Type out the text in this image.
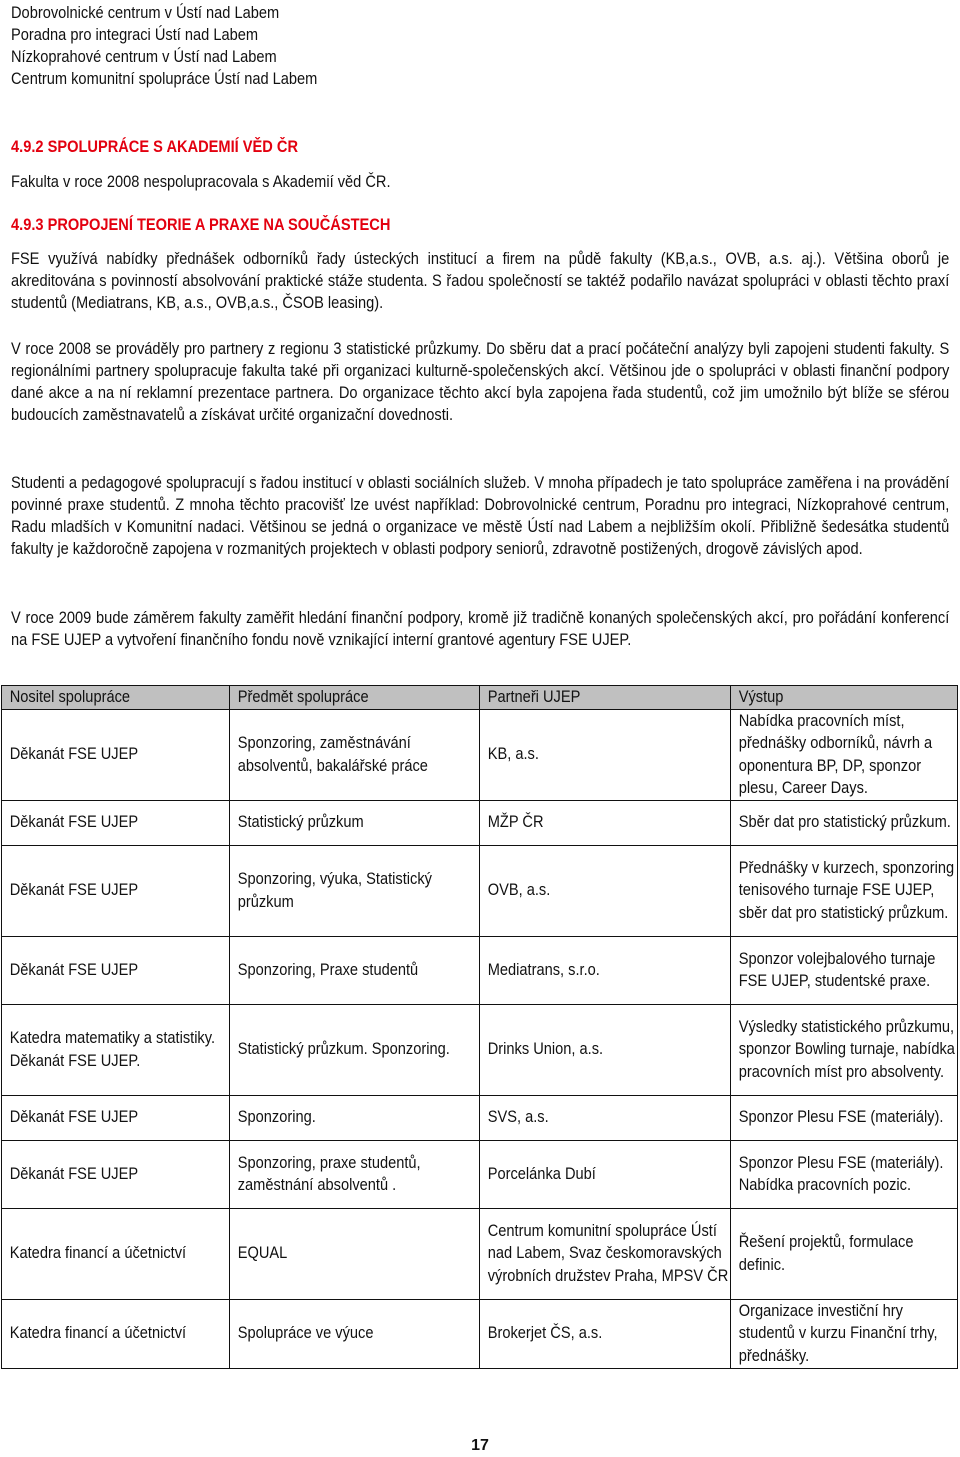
Dobrovolnické centrum v Ústí nad Labem
Poradna pro integraci Ústí nad Labem
Nízkoprahové centrum v Ústí nad Labem
Centrum komunitní spolupráce Ústí nad Labem
4.9.2 SPOLUPRÁCE S AKADEMIÍ VĚD ČR
Fakulta v roce 2008 nespolupracovala s Akademií věd ČR.
4.9.3 PROPOJENÍ TEORIE A PRAXE NA SOUČÁSTECH
FSE využívá nabídky přednášek odborníků řady ústeckých institucí a firem na půdě fakulty (KB,a.s., OVB, a.s. aj.). Většina oborů je akreditována s povinností absolvování praktické stáže studenta. S řadou společností se taktéž podařilo navázat spolupráci v oblasti těchto praxí studentů (Mediatrans, KB, a.s., OVB,a.s., ČSOB leasing).
V roce 2008 se prováděly pro partnery z regionu 3 statistické průzkumy. Do sběru dat a prací počáteční analýzy byli zapojeni studenti fakulty. S regionálními partnery spolupracuje fakulta také při organizaci kulturně-společenských akcí. Většinou jde o spolupráci v oblasti finanční podpory dané akce a na ní reklamní prezentace partnera. Do organizace těchto akcí byla zapojena řada studentů, což jim umožnilo být blíže se sférou budoucích zaměstnavatelů a získávat určité organizační dovednosti.
Studenti a pedagogové spolupracují s řadou institucí v oblasti sociálních služeb. V mnoha případech je tato spolupráce zaměřena i na provádění povinné praxe studentů. Z mnoha těchto pracovišť lze uvést například: Dobrovolnické centrum, Poradnu pro integraci, Nízkoprahové centrum, Radu mladších v Komunitní nadaci. Většinou se jedná o organizace ve městě Ústí nad Labem a nejbližším okolí. Přibližně šedesátka studentů fakulty je každoročně zapojena v rozmanitých projektech v oblasti podpory seniorů, zdravotně postižených, drogově závislých apod.
V roce 2009 bude záměrem fakulty zaměřit hledání finanční podpory, kromě již tradičně konaných společenských akcí, pro pořádání konferencí na FSE UJEP a vytvoření finančního fondu nově vznikající interní grantové agentury FSE UJEP.
Nositel spolupráce	Předmět spolupráce	Partneři UJEP	Výstup

Děkanát FSE UJEP	Sponzoring, zaměstnávání absolventů, bakalářské práce	KB, a.s.	Nabídka pracovních míst, přednášky odborníků, návrh a oponentura BP, DP, sponzor plesu, Career Days.

Děkanát FSE UJEP	Statistický průzkum	MŽP ČR	Sběr dat pro statistický průzkum.

Děkanát FSE UJEP	Sponzoring, výuka, Statistický průzkum	OVB, a.s.	Přednášky v kurzech, sponzoring tenisového turnaje FSE UJEP, sběr dat pro statistický průzkum.

Děkanát FSE UJEP	Sponzoring, Praxe studentů	Mediatrans, s.r.o.	Sponzor volejbalového turnaje FSE UJEP, studentské praxe.

Katedra matematiky a statistiky. Děkanát FSE UJEP.	Statistický průzkum. Sponzoring.	Drinks Union, a.s.	Výsledky statistického průzkumu, sponzor Bowling turnaje, nabídka pracovních míst pro absolventy.

Děkanát FSE UJEP	Sponzoring.	SVS, a.s.	Sponzor Plesu FSE (materiály).

Děkanát FSE UJEP	Sponzoring, praxe studentů, zaměstnání absolventů .	Porcelánka Dubí	Sponzor Plesu FSE (materiály). Nabídka pracovních pozic.

Katedra financí a účetnictví	EQUAL	Centrum komunitní spolupráce Ústí nad Labem, Svaz českomoravských výrobních družstev Praha, MPSV ČR	Řešení projektů, formulace definic.

Katedra financí a účetnictví	Spolupráce ve výuce	Brokerjet ČS, a.s.	Organizace investiční hry studentů v kurzu Finanční trhy, přednášky.
17
